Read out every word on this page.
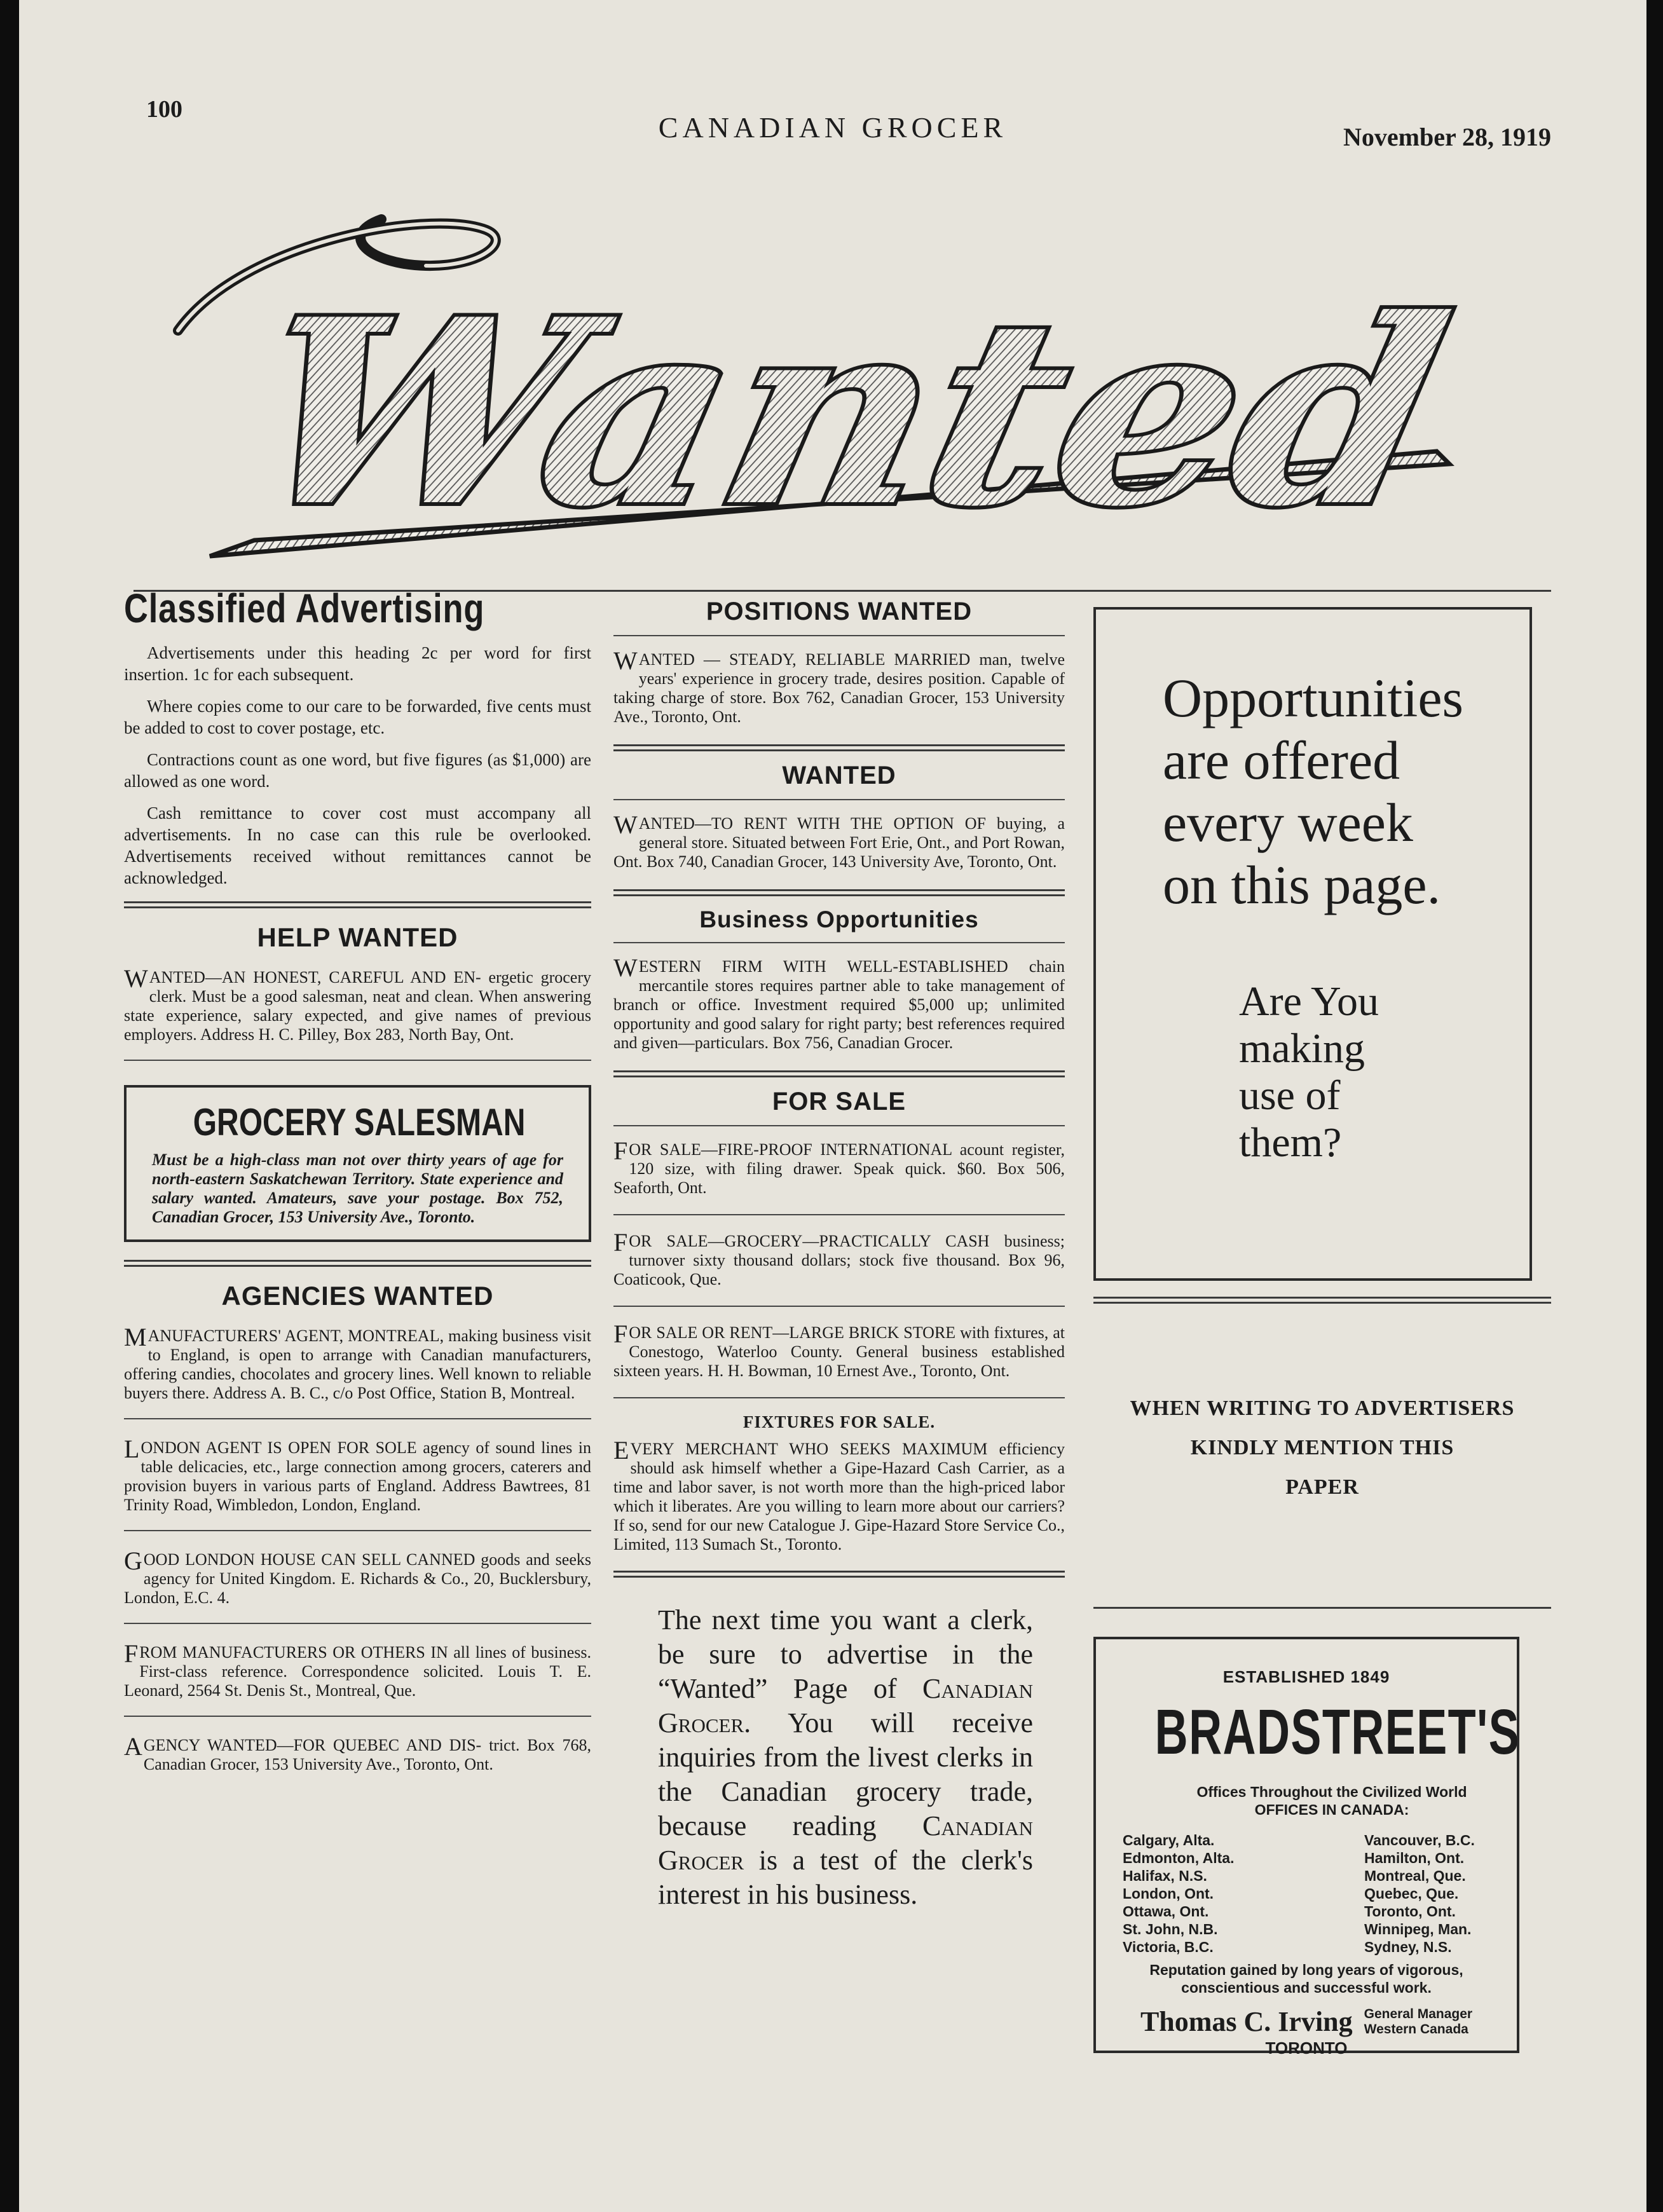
100
CANADIAN GROCER	November 28, 1919
Wanted
Classified Advertising

Advertisements under this heading 2c per word for first insertion. 1c for each subsequent.

Where copies come to our care to be forwarded, five cents must be added to cost to cover postage, etc.

Contractions count as one word, but five figures (as $1,000) are allowed as one word.

Cash remittance to cover cost must accompany all advertisements. In no case can this rule be overlooked. Advertisements received without remittances cannot be acknowledged.

HELP WANTED
WANTED—AN HONEST, CAREFUL AND EN- ergetic grocery clerk. Must be a good salesman, neat and clean. When answering state experience, salary expected, and give names of previous employers. Address H. C. Pilley, Box 283, North Bay, Ont.
GROCERY SALESMAN
Must be a high-class man not over thirty years of age for north-eastern Saskatchewan Territory. State experience and salary wanted. Amateurs, save your postage. Box 752, Canadian Grocer, 153 University Ave., Toronto.
AGENCIES WANTED
MANUFACTURERS' AGENT, MONTREAL, making business visit to England, is open to arrange with Canadian manufacturers, offering candies, chocolates and grocery lines. Well known to reliable buyers there. Address A. B. C., c/o Post Office, Station B, Montreal.
LONDON AGENT IS OPEN FOR SOLE agency of sound lines in table delicacies, etc., large connection among grocers, caterers and provision buyers in various parts of England. Address Bawtrees, 81 Trinity Road, Wimbledon, London, England.
GOOD LONDON HOUSE CAN SELL CANNED goods and seeks agency for United Kingdom. E. Richards & Co., 20, Bucklersbury, London, E.C. 4.
FROM MANUFACTURERS OR OTHERS IN all lines of business. First-class reference. Correspondence solicited. Louis T. E. Leonard, 2564 St. Denis St., Montreal, Que.
AGENCY WANTED—FOR QUEBEC AND DIS- trict. Box 768, Canadian Grocer, 153 University Ave., Toronto, Ont.
POSITIONS WANTED
WANTED — STEADY, RELIABLE MARRIED man, twelve years' experience in grocery trade, desires position. Capable of taking charge of store. Box 762, Canadian Grocer, 153 University Ave., Toronto, Ont.
WANTED
WANTED—TO RENT WITH THE OPTION OF buying, a general store. Situated between Fort Erie, Ont., and Port Rowan, Ont. Box 740, Canadian Grocer, 143 University Ave, Toronto, Ont.
Business Opportunities
WESTERN FIRM WITH WELL-ESTABLISHED chain mercantile stores requires partner able to take management of branch or office. Investment required $5,000 up; unlimited opportunity and good salary for right party; best references required and given—particulars. Box 756, Canadian Grocer.
FOR SALE
FOR SALE—FIRE-PROOF INTERNATIONAL acount register, 120 size, with filing drawer. Speak quick. $60. Box 506, Seaforth, Ont.
FOR SALE—GROCERY—PRACTICALLY CASH business; turnover sixty thousand dollars; stock five thousand. Box 96, Coaticook, Que.
FOR SALE OR RENT—LARGE BRICK STORE with fixtures, at Conestogo, Waterloo County. General business established sixteen years. H. H. Bowman, 10 Ernest Ave., Toronto, Ont.
FIXTURES FOR SALE.
EVERY MERCHANT WHO SEEKS MAXIMUM efficiency should ask himself whether a Gipe-Hazard Cash Carrier, as a time and labor saver, is not worth more than the high-priced labor which it liberates. Are you willing to learn more about our carriers? If so, send for our new Catalogue J. Gipe-Hazard Store Service Co., Limited, 113 Sumach St., Toronto.
The next time you want a clerk, be sure to advertise in the “Wanted” Page of Canadian Grocer. You will receive inquiries from the livest clerks in the Canadian grocery trade, because reading Canadian Grocer is a test of the clerk's interest in his business.
Opportunities
are offered
every week
on this page.
Are You
making
use of
them?
WHEN WRITING TO ADVERTISERS
KINDLY MENTION THIS
PAPER
ESTABLISHED 1849
BRADSTREET'S
Offices Throughout the Civilized World
OFFICES IN CANADA:
Calgary, Alta.
Edmonton, Alta.
Halifax, N.S.
London, Ont.
Ottawa, Ont.
St. John, N.B.
Victoria, B.C.
Vancouver, B.C.
Hamilton, Ont.
Montreal, Que.
Quebec, Que.
Toronto, Ont.
Winnipeg, Man.
Sydney, N.S.
Reputation gained by long years of vigorous, conscientious and successful work.
Thomas C. Irving General Manager
Western Canada
TORONTO
